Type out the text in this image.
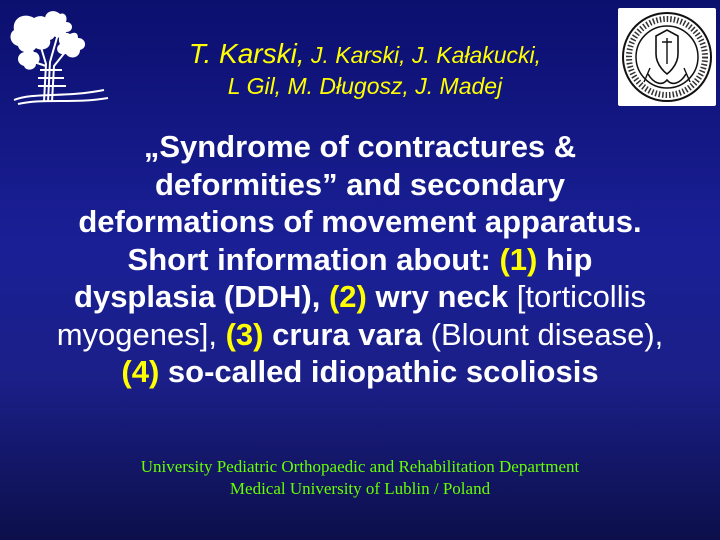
T. Karski, J. Karski, J. Kałakucki,
L Gil, M. Długosz, J. Madej
„Syndrome of contractures &
deformities” and secondary
deformations of movement apparatus.
Short information about: (1) hip
dysplasia (DDH), (2) wry neck [torticollis
myogenes], (3) crura vara (Blount disease),
(4) so-called idiopathic scoliosis
University Pediatric Orthopaedic and Rehabilitation Department
Medical University of Lublin / Poland
